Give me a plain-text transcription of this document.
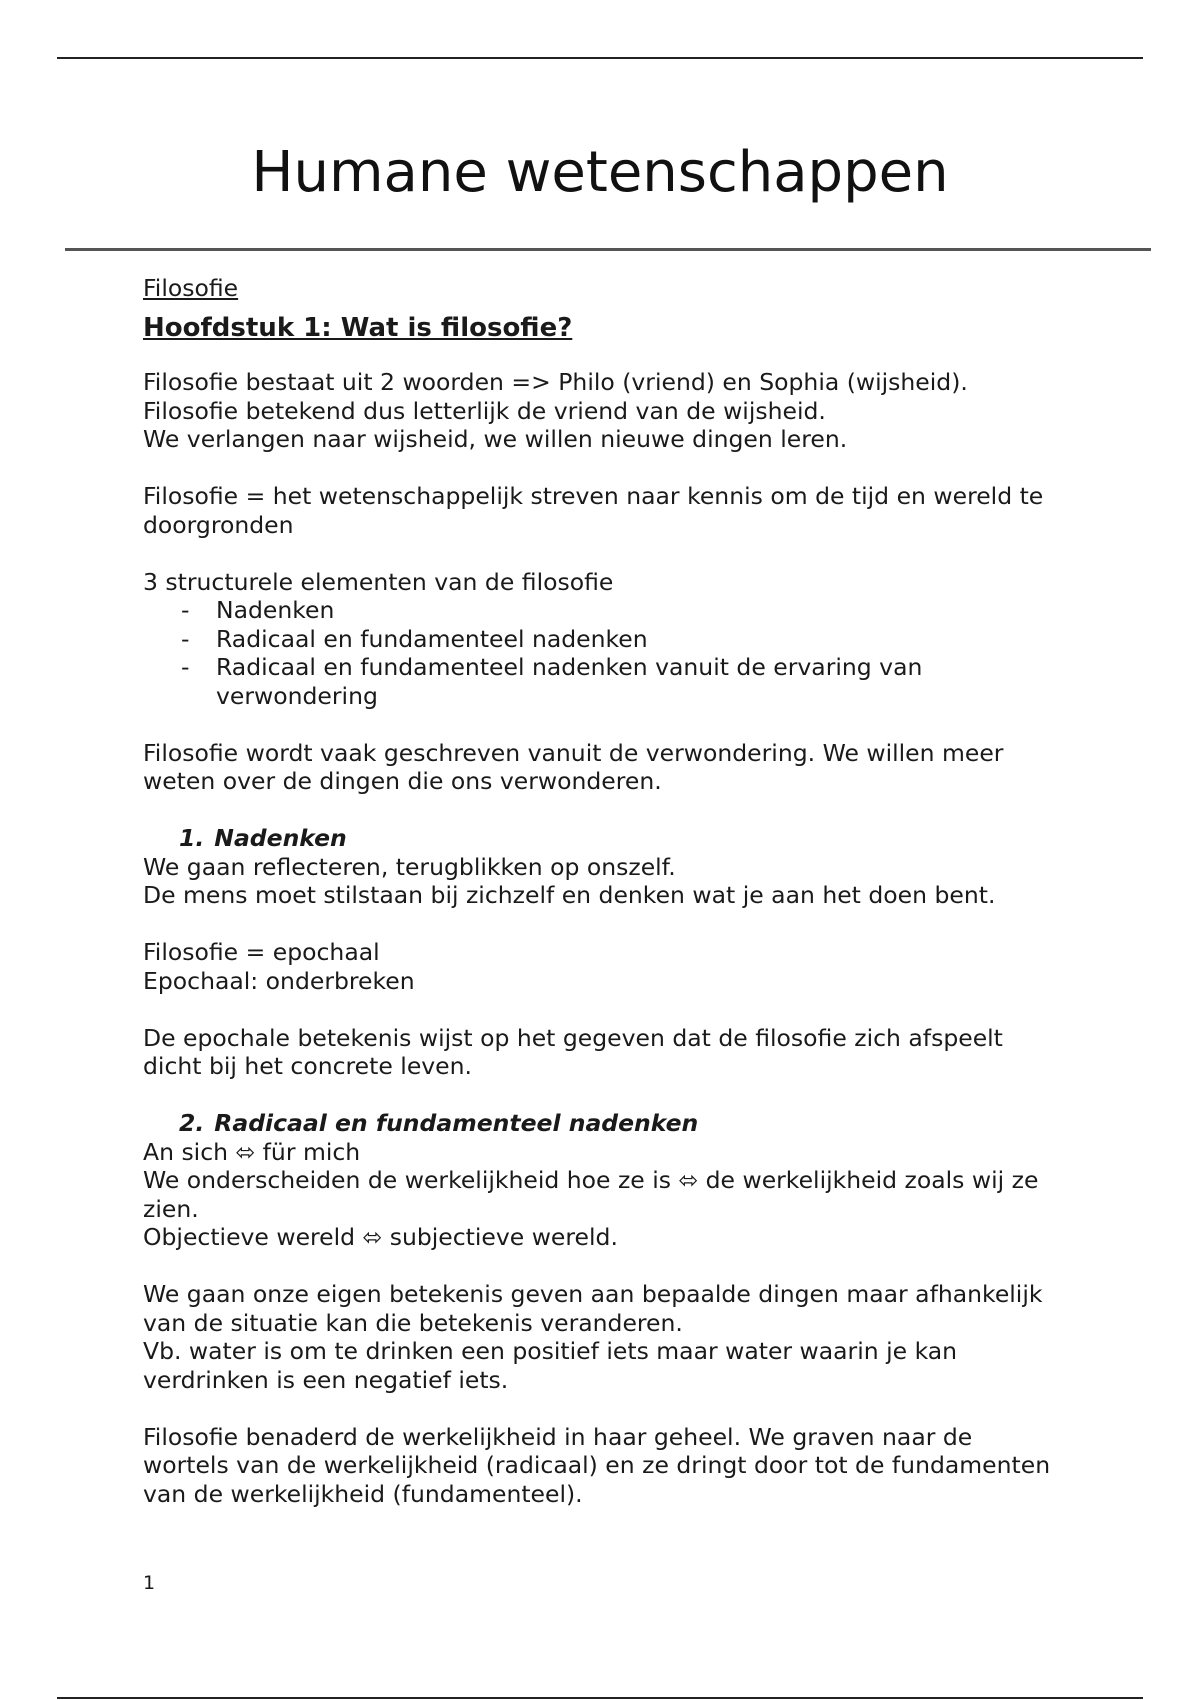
Humane wetenschappen

Filosofie

Hoofdstuk 1: Wat is filosofie?

Filosofie bestaat uit 2 woorden => Philo (vriend) en Sophia (wijsheid).

Filosofie betekend dus letterlijk de vriend van de wijsheid.

We verlangen naar wijsheid, we willen nieuwe dingen leren.

Filosofie = het wetenschappelijk streven naar kennis om de tijd en wereld te doorgronden

3 structurele elementen van de filosofie

- Nadenken
- Radicaal en fundamenteel nadenken
- Radicaal en fundamenteel nadenken vanuit de ervaring van verwondering

Filosofie wordt vaak geschreven vanuit de verwondering. We willen meer weten over de dingen die ons verwonderen.

1. Nadenken

We gaan reflecteren, terugblikken op onszelf.

De mens moet stilstaan bij zichzelf en denken wat je aan het doen bent.

Filosofie = epochaal

Epochaal: onderbreken

De epochale betekenis wijst op het gegeven dat de filosofie zich afspeelt dicht bij het concrete leven.

2. Radicaal en fundamenteel nadenken

An sich ⬄ für mich

We onderscheiden de werkelijkheid hoe ze is ⬄ de werkelijkheid zoals wij ze zien.

Objectieve wereld ⬄ subjectieve wereld.

We gaan onze eigen betekenis geven aan bepaalde dingen maar afhankelijk van de situatie kan die betekenis veranderen.

Vb. water is om te drinken een positief iets maar water waarin je kan verdrinken is een negatief iets.

Filosofie benaderd de werkelijkheid in haar geheel. We graven naar de wortels van de werkelijkheid (radicaal) en ze dringt door tot de fundamenten van de werkelijkheid (fundamenteel).

1
